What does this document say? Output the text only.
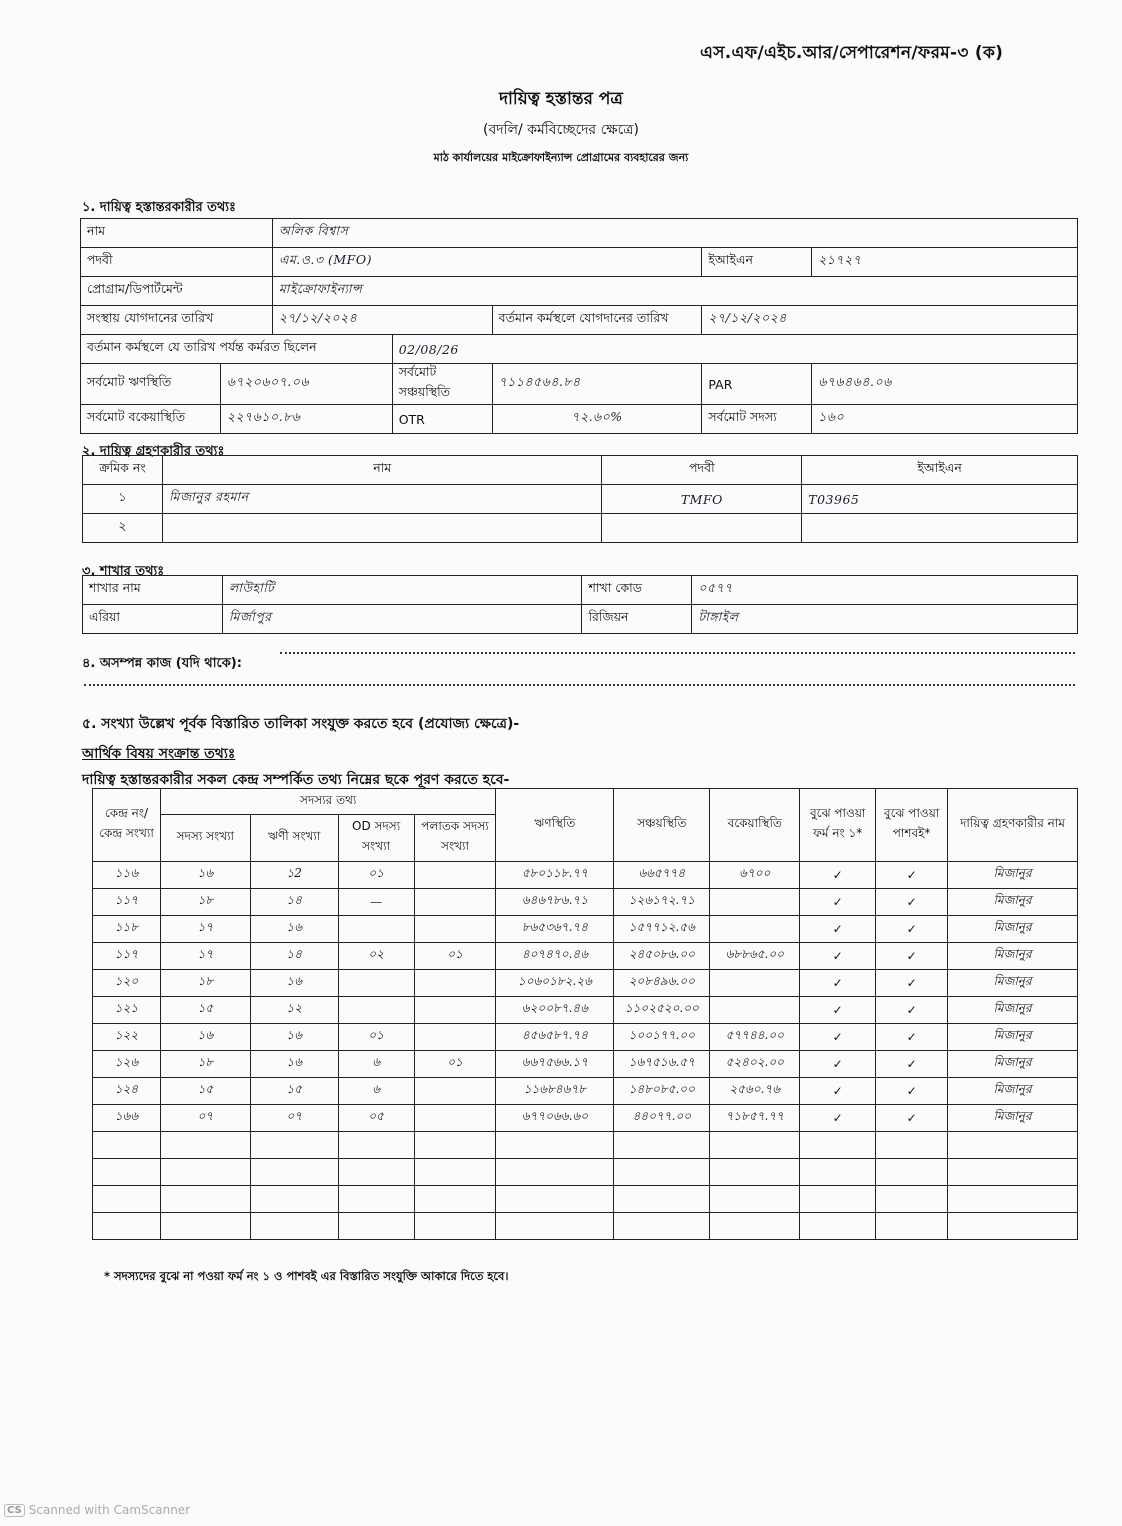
এস.এফ/এইচ.আর/সেপারেশন/ফরম-৩ (ক)
দায়িত্ব হস্তান্তর পত্র
(বদলি/ কর্মবিচ্ছেদের ক্ষেত্রে)
মাঠ কার্যালয়ের মাইক্রোফাইন্যান্স প্রোগ্রামের ব্যবহারের জন্য
১. দায়িত্ব হস্তান্তরকারীর তথ্যঃ
নাম		অলিক বিশ্বাস				
পদবী		এম.ও.৩ (MFO)			ইআইএন	২১৭২৭
প্রোগ্রাম/ডিপার্টমেন্ট		মাইক্রোফাইন্যান্স				
সংস্থায় যোগদানের তারিখ		২৭/১২/২০২৪		বর্তমান কর্মস্থলে যোগদানের তারিখ	২৭/১২/২০২৪	
বর্তমান কর্মস্থলে যে তারিখ পর্যন্ত কর্মরত ছিলেন			02/08/26			
সর্বমোট ঋণস্থিতি	৬৭২০৬০৭.০৬		সর্বমোট সঞ্চয়স্থিতি	৭১১৪৫৬৪.৮৪	PAR	৬৭৬৪৬৪.০৬
সর্বমোট বকেয়াস্থিতি	২২৭৬১০.৮৬		OTR	৭২.৬০%	সর্বমোট সদস্য	১৬০
২. দায়িত্ব গ্রহণকারীর তথ্যঃ
ক্রমিক নং	নাম	পদবী	ইআইএন
১	মিজানুর রহমান	TMFO	T03965
২			
৩. শাখার তথ্যঃ
শাখার নাম	লাউহাটি	শাখা কোড	০৫৭৭
এরিয়া	মির্জাপুর	রিজিয়ন	টাঙ্গাইল
৪. অসম্পন্ন কাজ (যদি থাকে):
৫. সংখ্যা উল্লেখ পূর্বক বিস্তারিত তালিকা সংযুক্ত করতে হবে (প্রযোজ্য ক্ষেত্রে)-
আর্থিক বিষয় সংক্রান্ত তথ্যঃ
দায়িত্ব হস্তান্তরকারীর সকল কেন্দ্র সম্পর্কিত তথ্য নিম্নের ছকে পূরণ করতে হবে-
কেন্দ্র নং/কেন্দ্র সংখ্যা	সদস্যর তথ্য				ঋণস্থিতি	সঞ্চয়স্থিতি	বকেয়াস্থিতি	বুঝে পাওয়া ফর্ম নং ১*	বুঝে পাওয়া পাশবই*	দায়িত্ব গ্রহণকারীর নাম
	সদস্য সংখ্যা	ঋণী সংখ্যা	OD সদস্য সংখ্যা	পলাতক সদস্য সংখ্যা						
১১৬	১৬	১2	০১		৫৮০১১৮.৭৭	৬৬৫৭৭৪	৬৭০০	✓	✓	মিজানুর
১১৭	১৮	১৪	—		৬৪৬৭৮৬.৭১	১২৬১৭২.৭১		✓	✓	মিজানুর
১১৮	১৭	১৬			৮৬৫৩৬৭.৭৪	১৫৭৭১২.৫৬		✓	✓	মিজানুর
১১৭	১৭	১৪	০২	০১	৪০৭৪৭০.৪৬	২৪৫০৮৬.০০	৬৮৮৬৫.০০	✓	✓	মিজানুর
১২০	১৮	১৬			১০৬০১৮২.২৬	২০৮৪৯৬.০০		✓	✓	মিজানুর
১২১	১৫	১২			৬২০০৮৭.৪৬	১১০২৫২০.০০		✓	✓	মিজানুর
১২২	১৬	১৬	০১		৪৫৬৫৮৭.৭৪	১০০১৭৭.০০	৫৭৭৪৪.০০	✓	✓	মিজানুর
১২৬	১৮	১৬	৬	০১	৬৬৭৫৬৬.১৭	১৬৭৫১৬.৫৭	৫২৪০২.০০	✓	✓	মিজানুর
১২৪	১৫	১৫	৬		১১৬৮৪৬৭৮	১৪৮০৮৫.০০	২৫৬০.৭৬	✓	✓	মিজানুর
১৬৬	০৭	০৭	০৫		৬৭৭০৬৬.৬০	৪৪০৭৭.০০	৭১৮৫৭.৭৭	✓	✓	মিজানুর

* সদস্যদের বুঝে না পওয়া ফর্ম নং ১ ও পাশবই এর বিস্তারিত সংযুক্তি আকারে দিতে হবে।
CS Scanned with CamScanner
